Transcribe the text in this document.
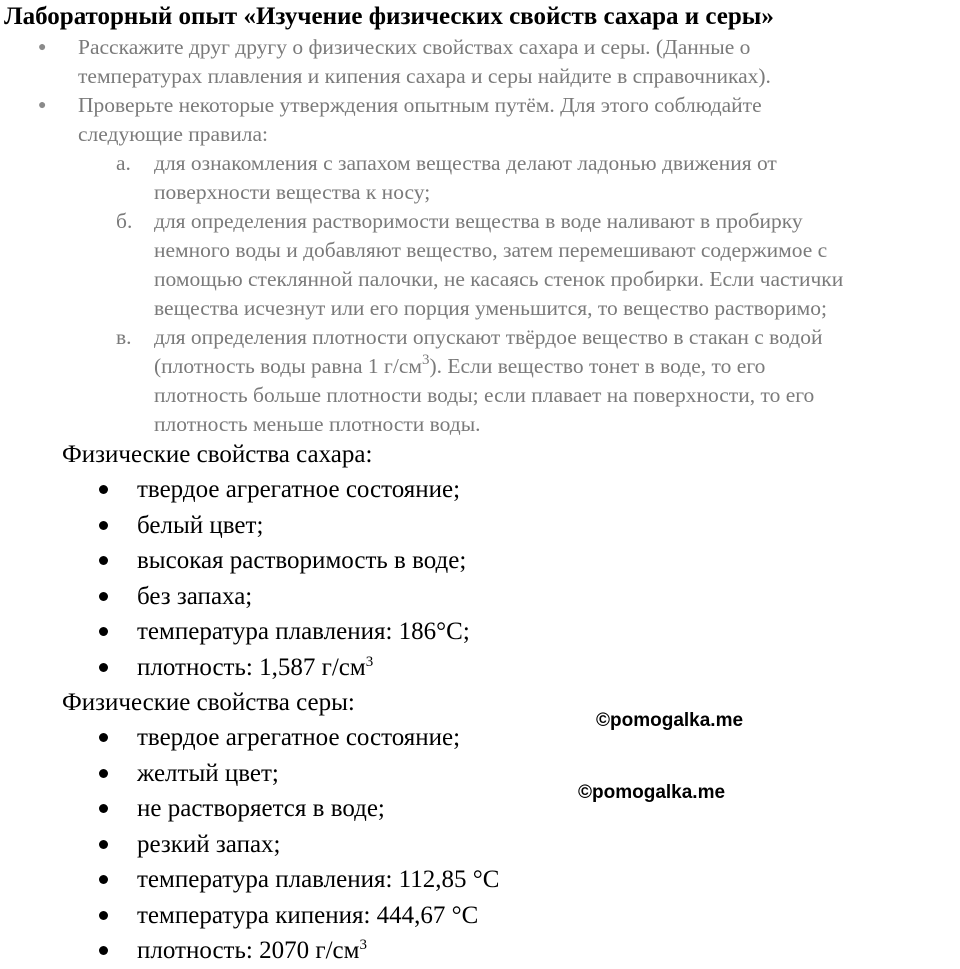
Лабораторный опыт «Изучение физических свойств сахара и серы»
● Расскажите друг другу о физических свойствах сахара и серы. (Данные о
температурах плавления и кипения сахара и серы найдите в справочниках).
● Проверьте некоторые утверждения опытным путём. Для этого соблюдайте
следующие правила:
а. для ознакомления с запахом вещества делают ладонью движения от
поверхности вещества к носу;
б. для определения растворимости вещества в воде наливают в пробирку
немного воды и добавляют вещество, затем перемешивают содержимое с
помощью стеклянной палочки, не касаясь стенок пробирки. Если частички
вещества исчезнут или его порция уменьшится, то вещество растворимо;
в. для определения плотности опускают твёрдое вещество в стакан с водой
(плотность воды равна 1 $г/см^3$). Если вещество тонет в воде, то его
плотность больше плотности воды; если плавает на поверхности, то его
плотность меньше плотности воды.
Физические свойства сахара:
твердое агрегатное состояние;
белый цвет;
высокая растворимость в воде;
без запаха;
температура плавления: 186°С;
плотность: 1,587 $г/см^3$
Физические свойства серы:
твердое агрегатное состояние;
желтый цвет;
не растворяется в воде;
резкий запах;
температура плавления: 112,85 °С
температура кипения: 444,67 °С
плотность: 2070 $г/см^3$
©pomogalka.me
©pomogalka.me
